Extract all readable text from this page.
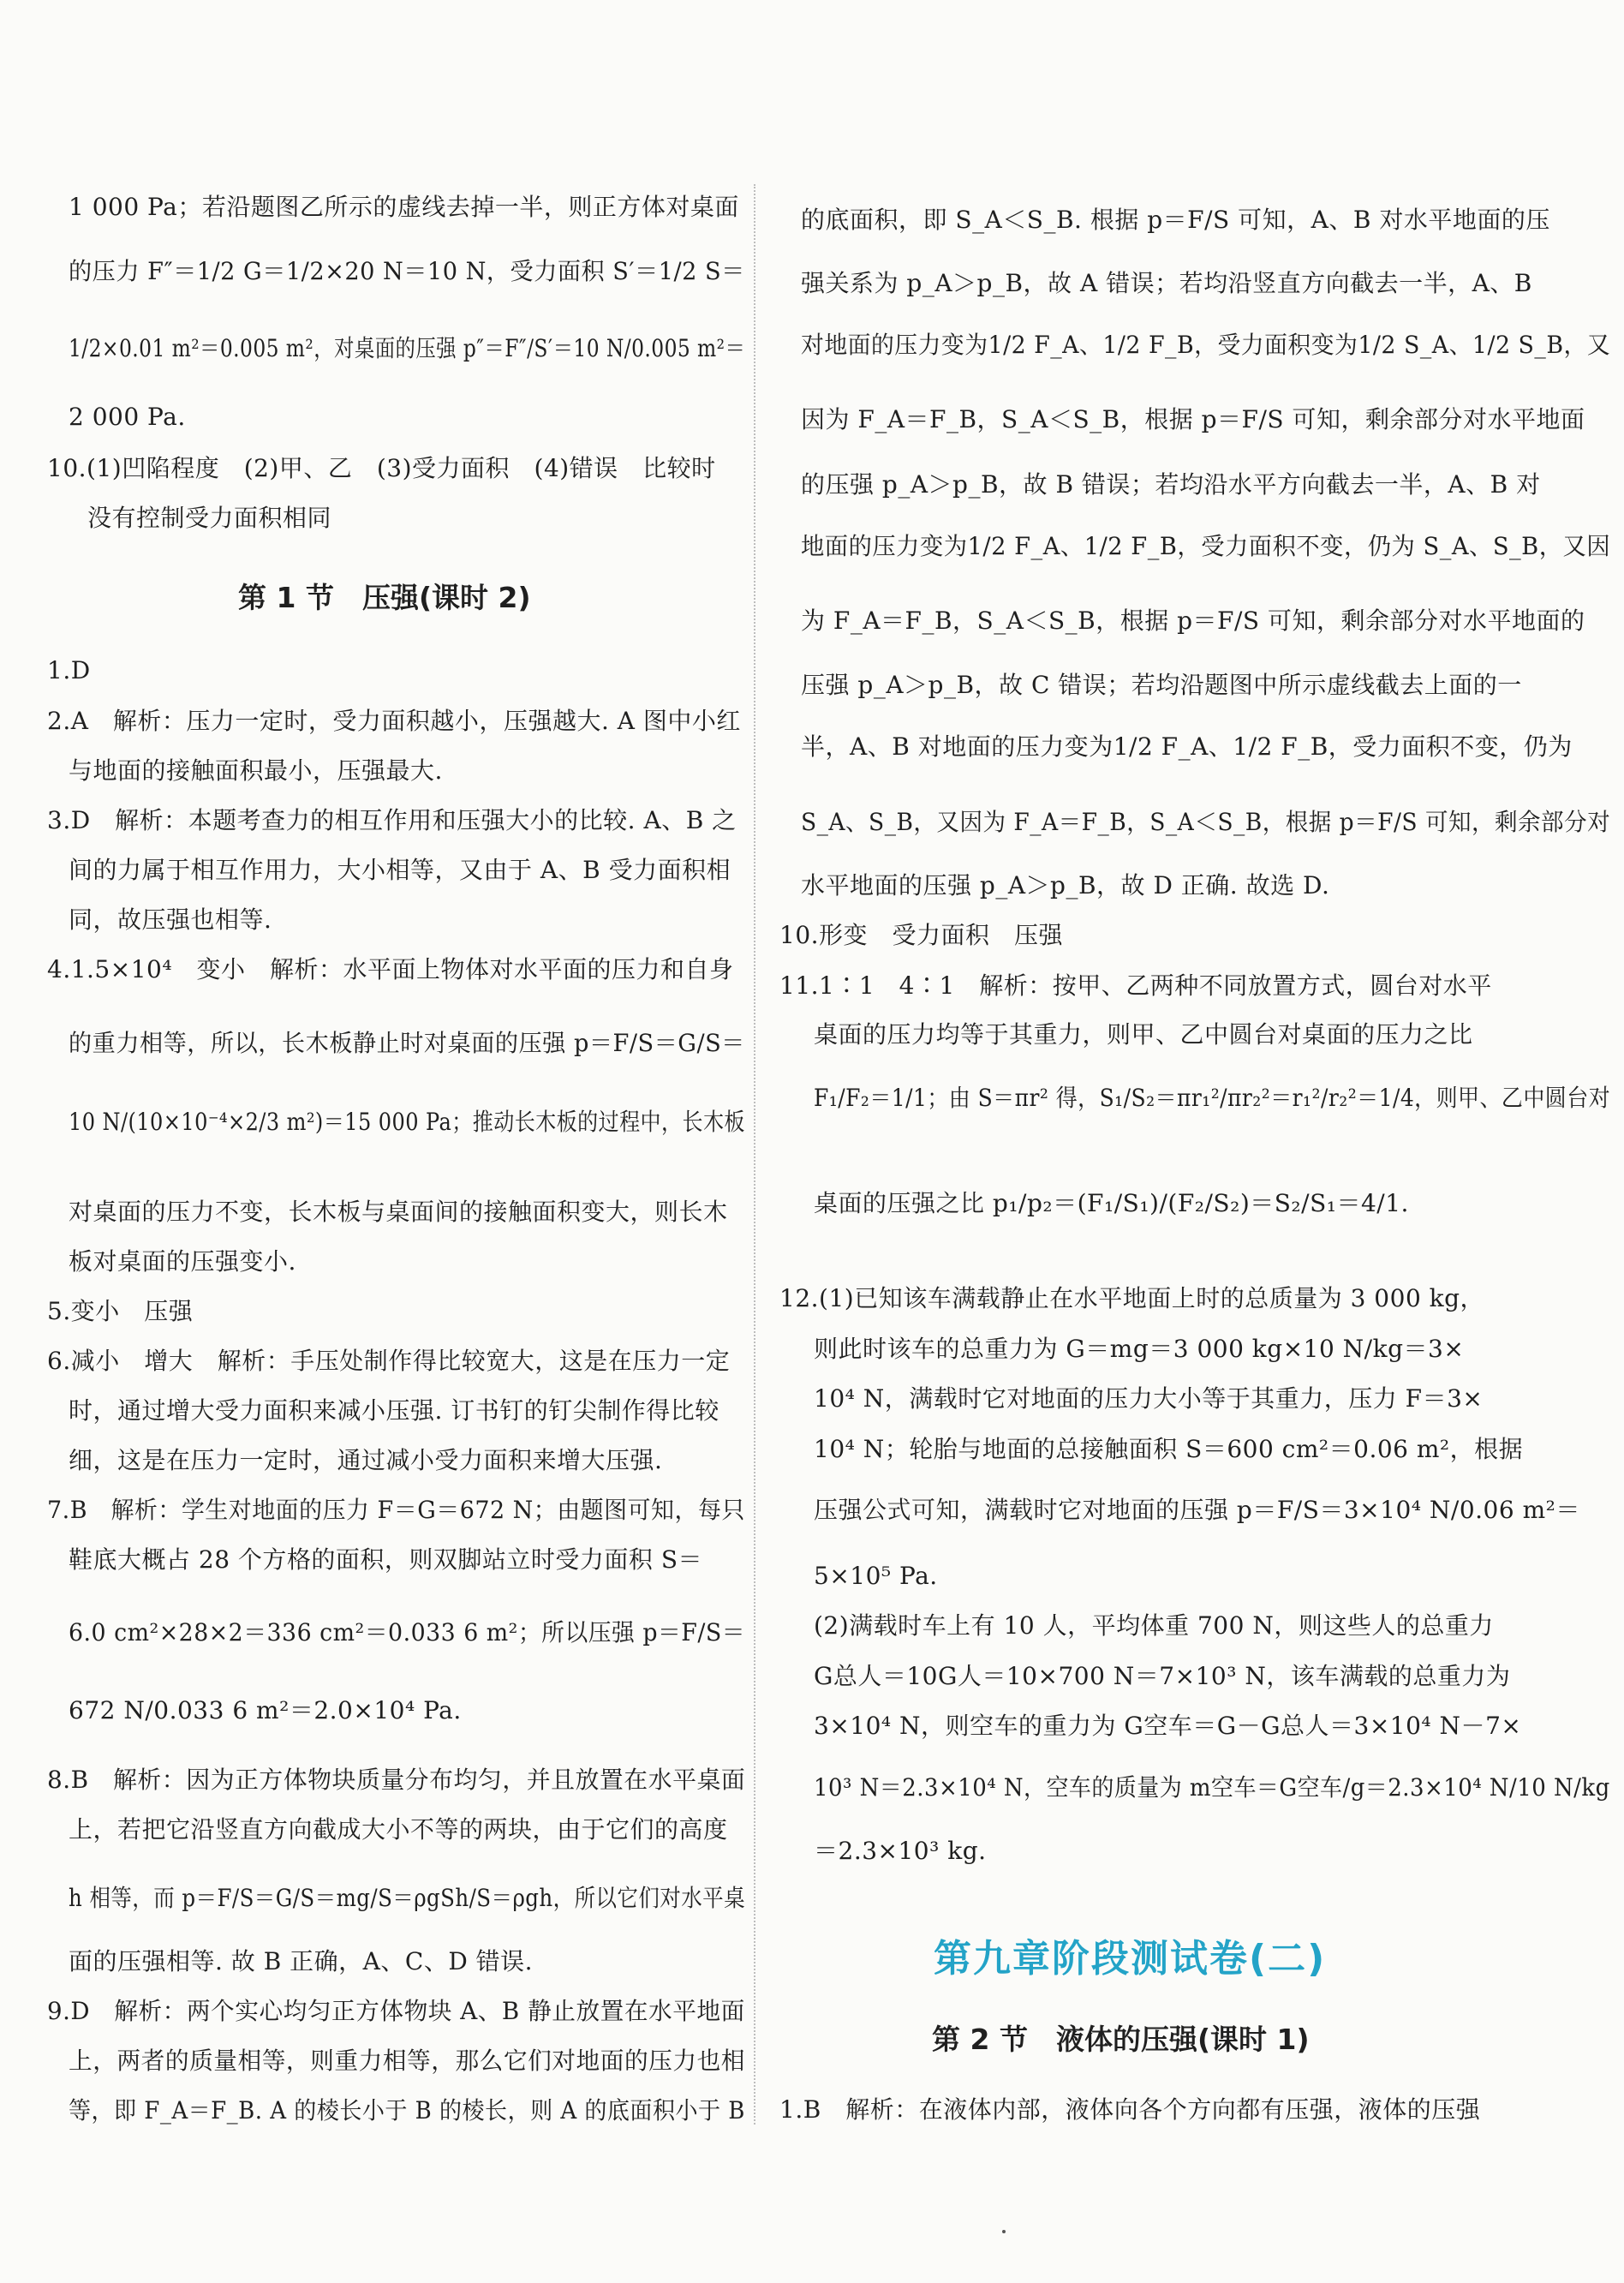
1 000 Pa；若沿题图乙所示的虚线去掉一半，则正方体对桌面
的压力 F″＝1/2 G＝1/2×20 N＝10 N，受力面积 S′＝1/2 S＝
1/2×0.01 m²＝0.005 m²，对桌面的压强 p″＝F″/S′＝10 N/0.005 m²＝
2 000 Pa.
10.(1)凹陷程度　(2)甲、乙　(3)受力面积　(4)错误　比较时
没有控制受力面积相同
第 1 节　压强(课时 2)
1.D
2.A　解析：压力一定时，受力面积越小，压强越大. A 图中小红
与地面的接触面积最小，压强最大.
3.D　解析：本题考查力的相互作用和压强大小的比较. A、B 之
间的力属于相互作用力，大小相等，又由于 A、B 受力面积相
同，故压强也相等.
4.1.5×10⁴　变小　解析：水平面上物体对水平面的压力和自身
的重力相等，所以，长木板静止时对桌面的压强 p＝F/S＝G/S＝
10 N/(10×10⁻⁴×2/3 m²)＝15 000 Pa；推动长木板的过程中，长木板
对桌面的压力不变，长木板与桌面间的接触面积变大，则长木
板对桌面的压强变小.
5.变小　压强
6.减小　增大　解析：手压处制作得比较宽大，这是在压力一定
时，通过增大受力面积来减小压强. 订书钉的钉尖制作得比较
细，这是在压力一定时，通过减小受力面积来增大压强.
7.B　解析：学生对地面的压力 F＝G＝672 N；由题图可知，每只
鞋底大概占 28 个方格的面积，则双脚站立时受力面积 S＝
6.0 cm²×28×2＝336 cm²＝0.033 6 m²；所以压强 p＝F/S＝
672 N/0.033 6 m²＝2.0×10⁴ Pa.
8.B　解析：因为正方体物块质量分布均匀，并且放置在水平桌面
上，若把它沿竖直方向截成大小不等的两块，由于它们的高度
h 相等，而 p＝F/S＝G/S＝mg/S＝ρgSh/S＝ρgh，所以它们对水平桌
面的压强相等. 故 B 正确，A、C、D 错误.
9.D　解析：两个实心均匀正方体物块 A、B 静止放置在水平地面
上，两者的质量相等，则重力相等，那么它们对地面的压力也相
等，即 F_A＝F_B. A 的棱长小于 B 的棱长，则 A 的底面积小于 B
的底面积，即 S_A＜S_B. 根据 p＝F/S 可知，A、B 对水平地面的压
强关系为 p_A＞p_B，故 A 错误；若均沿竖直方向截去一半，A、B
对地面的压力变为1/2 F_A、1/2 F_B，受力面积变为1/2 S_A、1/2 S_B，又
因为 F_A＝F_B，S_A＜S_B，根据 p＝F/S 可知，剩余部分对水平地面
的压强 p_A＞p_B，故 B 错误；若均沿水平方向截去一半，A、B 对
地面的压力变为1/2 F_A、1/2 F_B，受力面积不变，仍为 S_A、S_B，又因
为 F_A＝F_B，S_A＜S_B，根据 p＝F/S 可知，剩余部分对水平地面的
压强 p_A＞p_B，故 C 错误；若均沿题图中所示虚线截去上面的一
半，A、B 对地面的压力变为1/2 F_A、1/2 F_B，受力面积不变，仍为
S_A、S_B，又因为 F_A＝F_B，S_A＜S_B，根据 p＝F/S 可知，剩余部分对
水平地面的压强 p_A＞p_B，故 D 正确. 故选 D.
10.形变　受力面积　压强
11.1∶1　4∶1　解析：按甲、乙两种不同放置方式，圆台对水平
桌面的压力均等于其重力，则甲、乙中圆台对桌面的压力之比
F₁/F₂＝1/1；由 S＝πr² 得，S₁/S₂＝πr₁²/πr₂²＝r₁²/r₂²＝1/4，则甲、乙中圆台对
桌面的压强之比 p₁/p₂＝(F₁/S₁)/(F₂/S₂)＝S₂/S₁＝4/1.
12.(1)已知该车满载静止在水平地面上时的总质量为 3 000 kg，
则此时该车的总重力为 G＝mg＝3 000 kg×10 N/kg＝3×
10⁴ N，满载时它对地面的压力大小等于其重力，压力 F＝3×
10⁴ N；轮胎与地面的总接触面积 S＝600 cm²＝0.06 m²，根据
压强公式可知，满载时它对地面的压强 p＝F/S＝3×10⁴ N/0.06 m²＝
5×10⁵ Pa.
(2)满载时车上有 10 人，平均体重 700 N，则这些人的总重力
G总人＝10G人＝10×700 N＝7×10³ N，该车满载的总重力为
3×10⁴ N，则空车的重力为 G空车＝G－G总人＝3×10⁴ N－7×
10³ N＝2.3×10⁴ N，空车的质量为 m空车＝G空车/g＝2.3×10⁴ N/10 N/kg
＝2.3×10³ kg.
第九章阶段测试卷(二)
第 2 节　液体的压强(课时 1)
1.B　解析：在液体内部，液体向各个方向都有压强，液体的压强
